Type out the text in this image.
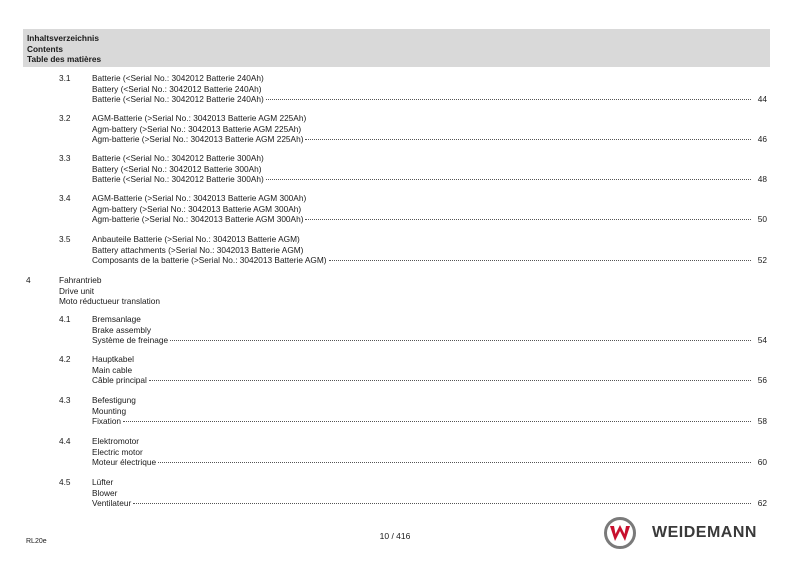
Inhaltsverzeichnis
Contents
Table des matières
3.1	Batterie (<Serial No.: 3042012 Batterie 240Ah)
Battery (<Serial No.: 3042012 Batterie 240Ah)
Batterie (<Serial No.: 3042012 Batterie 240Ah)	44
3.2	AGM-Batterie (>Serial No.: 3042013 Batterie AGM 225Ah)
Agm-battery (>Serial No.: 3042013 Batterie AGM 225Ah)
Agm-batterie (>Serial No.: 3042013 Batterie AGM 225Ah)	46
3.3	Batterie (<Serial No.: 3042012 Batterie 300Ah)
Battery (<Serial No.: 3042012 Batterie 300Ah)
Batterie (<Serial No.: 3042012 Batterie 300Ah)	48
3.4	AGM-Batterie (>Serial No.: 3042013 Batterie AGM 300Ah)
Agm-battery (>Serial No.: 3042013 Batterie AGM 300Ah)
Agm-batterie (>Serial No.: 3042013 Batterie AGM 300Ah)	50
3.5	Anbauteile Batterie (>Serial No.: 3042013 Batterie AGM)
Battery attachments (>Serial No.: 3042013 Batterie AGM)
Composants de la batterie (>Serial No.: 3042013 Batterie AGM)	52
4	Fahrantrieb
Drive unit
Moto réductueur translation
4.1	Bremsanlage
Brake assembly
Système de freinage	54
4.2	Hauptkabel
Main cable
Câble principal	56
4.3	Befestigung
Mounting
Fixation	58
4.4	Elektromotor
Electric motor
Moteur électrique	60
4.5	Lüfter
Blower
Ventilateur	62
RL20e
10 / 416	WEIDEMANN
